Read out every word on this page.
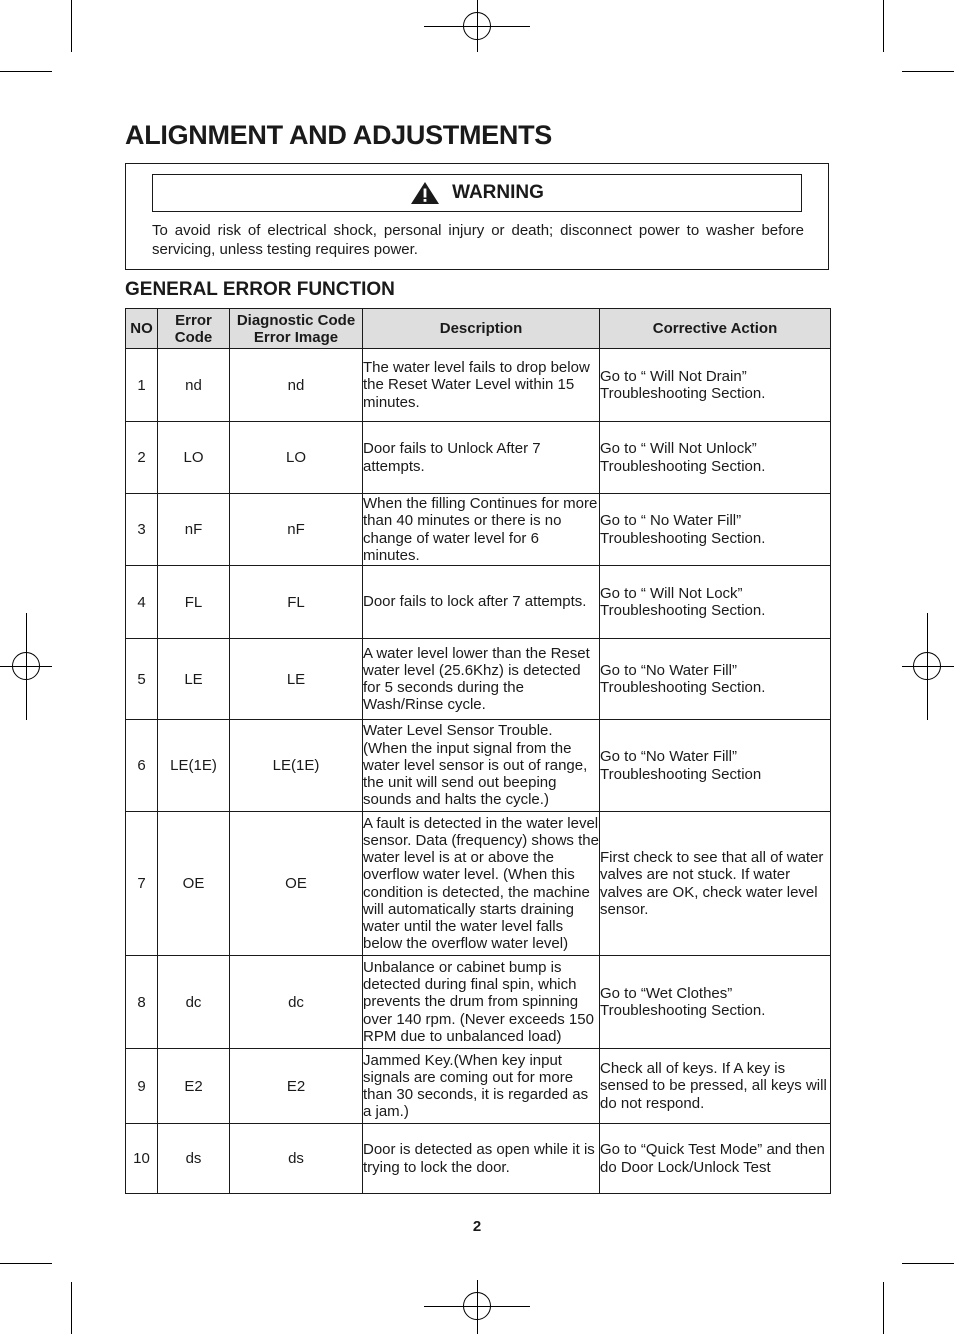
ALIGNMENT AND ADJUSTMENTS
WARNING

To avoid risk of electrical shock, personal injury or death; disconnect power to washer before servicing, unless testing requires power.

GENERAL ERROR FUNCTION
NO	Error Code	Diagnostic Code Error Image	Description	Corrective Action
1	nd	nd	The water level fails to drop below the Reset Water Level within 15 minutes.	Go to “ Will Not Drain” Troubleshooting Section.
2	LO	LO	Door fails to Unlock After 7 attempts.	Go to “ Will Not Unlock” Troubleshooting Section.
3	nF	nF	When the filling Continues for more than 40 minutes or there is no change of water level for 6 minutes.	Go to “ No Water Fill” Troubleshooting Section.
4	FL	FL	Door fails to lock after 7 attempts.	Go to “ Will Not Lock” Troubleshooting Section.
5	LE	LE	A water level lower than the Reset water level (25.6Khz) is detected for 5 seconds during the Wash/Rinse cycle.	Go to “No Water Fill” Troubleshooting Section.
6	LE(1E)	LE(1E)	Water Level Sensor Trouble. (When the input signal from the water level sensor is out of range, the unit will send out beeping sounds and halts the cycle.)	Go to “No Water Fill” Troubleshooting Section
7	OE	OE	A fault is detected in the water level sensor. Data (frequency) shows the water level is at or above the overflow water level. (When this condition is detected, the machine will automatically starts draining water until the water level falls below the overflow water level)	First check to see that all of water valves are not stuck. If water valves are OK, check water level sensor.
8	dc	dc	Unbalance or cabinet bump is detected during final spin, which prevents the drum from spinning over 140 rpm. (Never exceeds 150 RPM due to unbalanced load)	Go to “Wet Clothes” Troubleshooting Section.
9	E2	E2	Jammed Key.(When key input signals are coming out for more than 30 seconds, it is regarded as a jam.)	Check all of keys. If A key is sensed to be pressed, all keys will do not respond.
10	ds	ds	Door is detected as open while it is trying to lock the door.	Go to “Quick Test Mode” and then do Door Lock/Unlock Test
2
